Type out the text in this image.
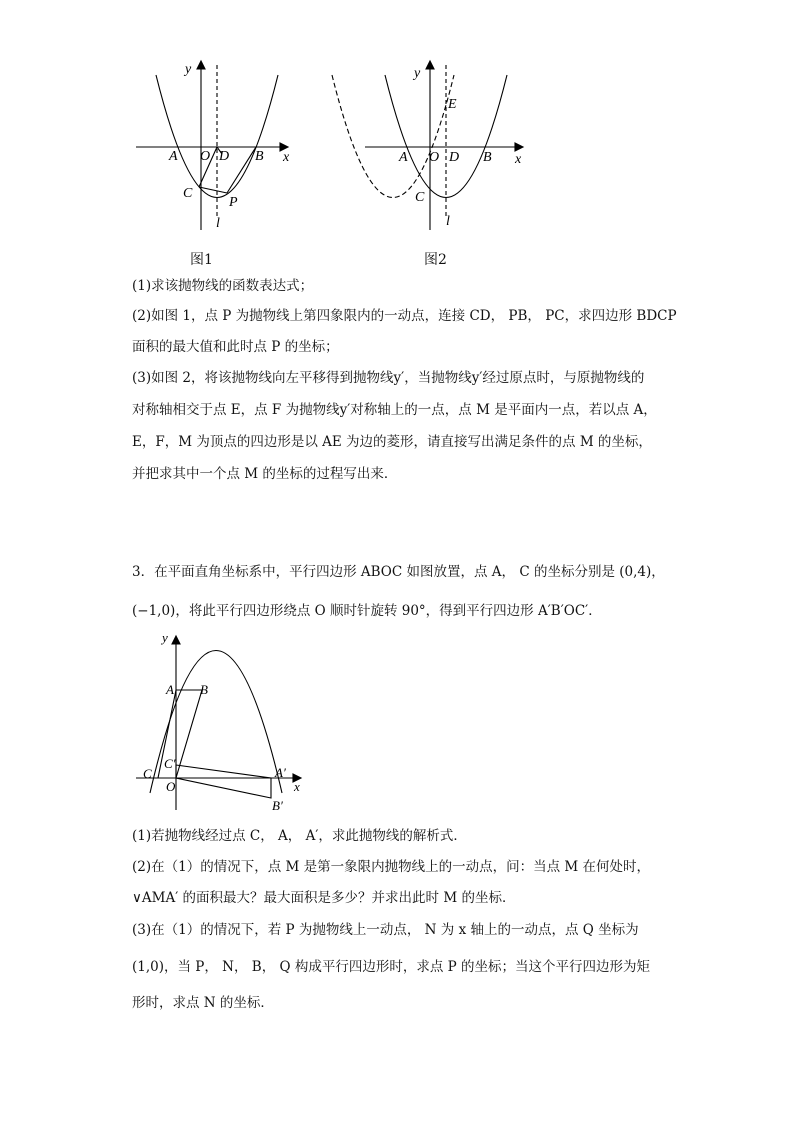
y
x
A O D B
C
P
l
图1
y
x
E
A O D B
C
l
图2
(1)求该抛物线的函数表达式；
(2)如图 1，点 P 为抛物线上第四象限内的一动点，连接 CD， PB， PC，求四边形 BDCP
面积的最大值和此时点 P 的坐标；
(3)如图 2，将该抛物线向左平移得到抛物线y′，当抛物线y′经过原点时，与原抛物线的
对称轴相交于点 E，点 F 为抛物线y′对称轴上的一点，点 M 是平面内一点，若以点 A，
E，F，M 为顶点的四边形是以 AE 为边的菱形，请直接写出满足条件的点 M 的坐标，
并把求其中一个点 M 的坐标的过程写出来．
3．在平面直角坐标系中，平行四边形 ABOC 如图放置，点 A， C 的坐标分别是 (0,4)，
(−1,0)，将此平行四边形绕点 O 顺时针旋转 90°，得到平行四边形 A′B′OC′．
y
x
A B
C′
C
O
A′
B′
(1)若抛物线经过点 C， A， A′，求此抛物线的解析式．
(2)在（1）的情况下，点 M 是第一象限内抛物线上的一动点，问：当点 M 在何处时，
∨AMA′ 的面积最大？最大面积是多少？并求出此时 M 的坐标．
(3)在（1）的情况下，若 P 为抛物线上一动点， N 为 x 轴上的一动点，点 Q 坐标为
(1,0)，当 P， N， B， Q 构成平行四边形时，求点 P 的坐标；当这个平行四边形为矩
形时，求点 N 的坐标．
